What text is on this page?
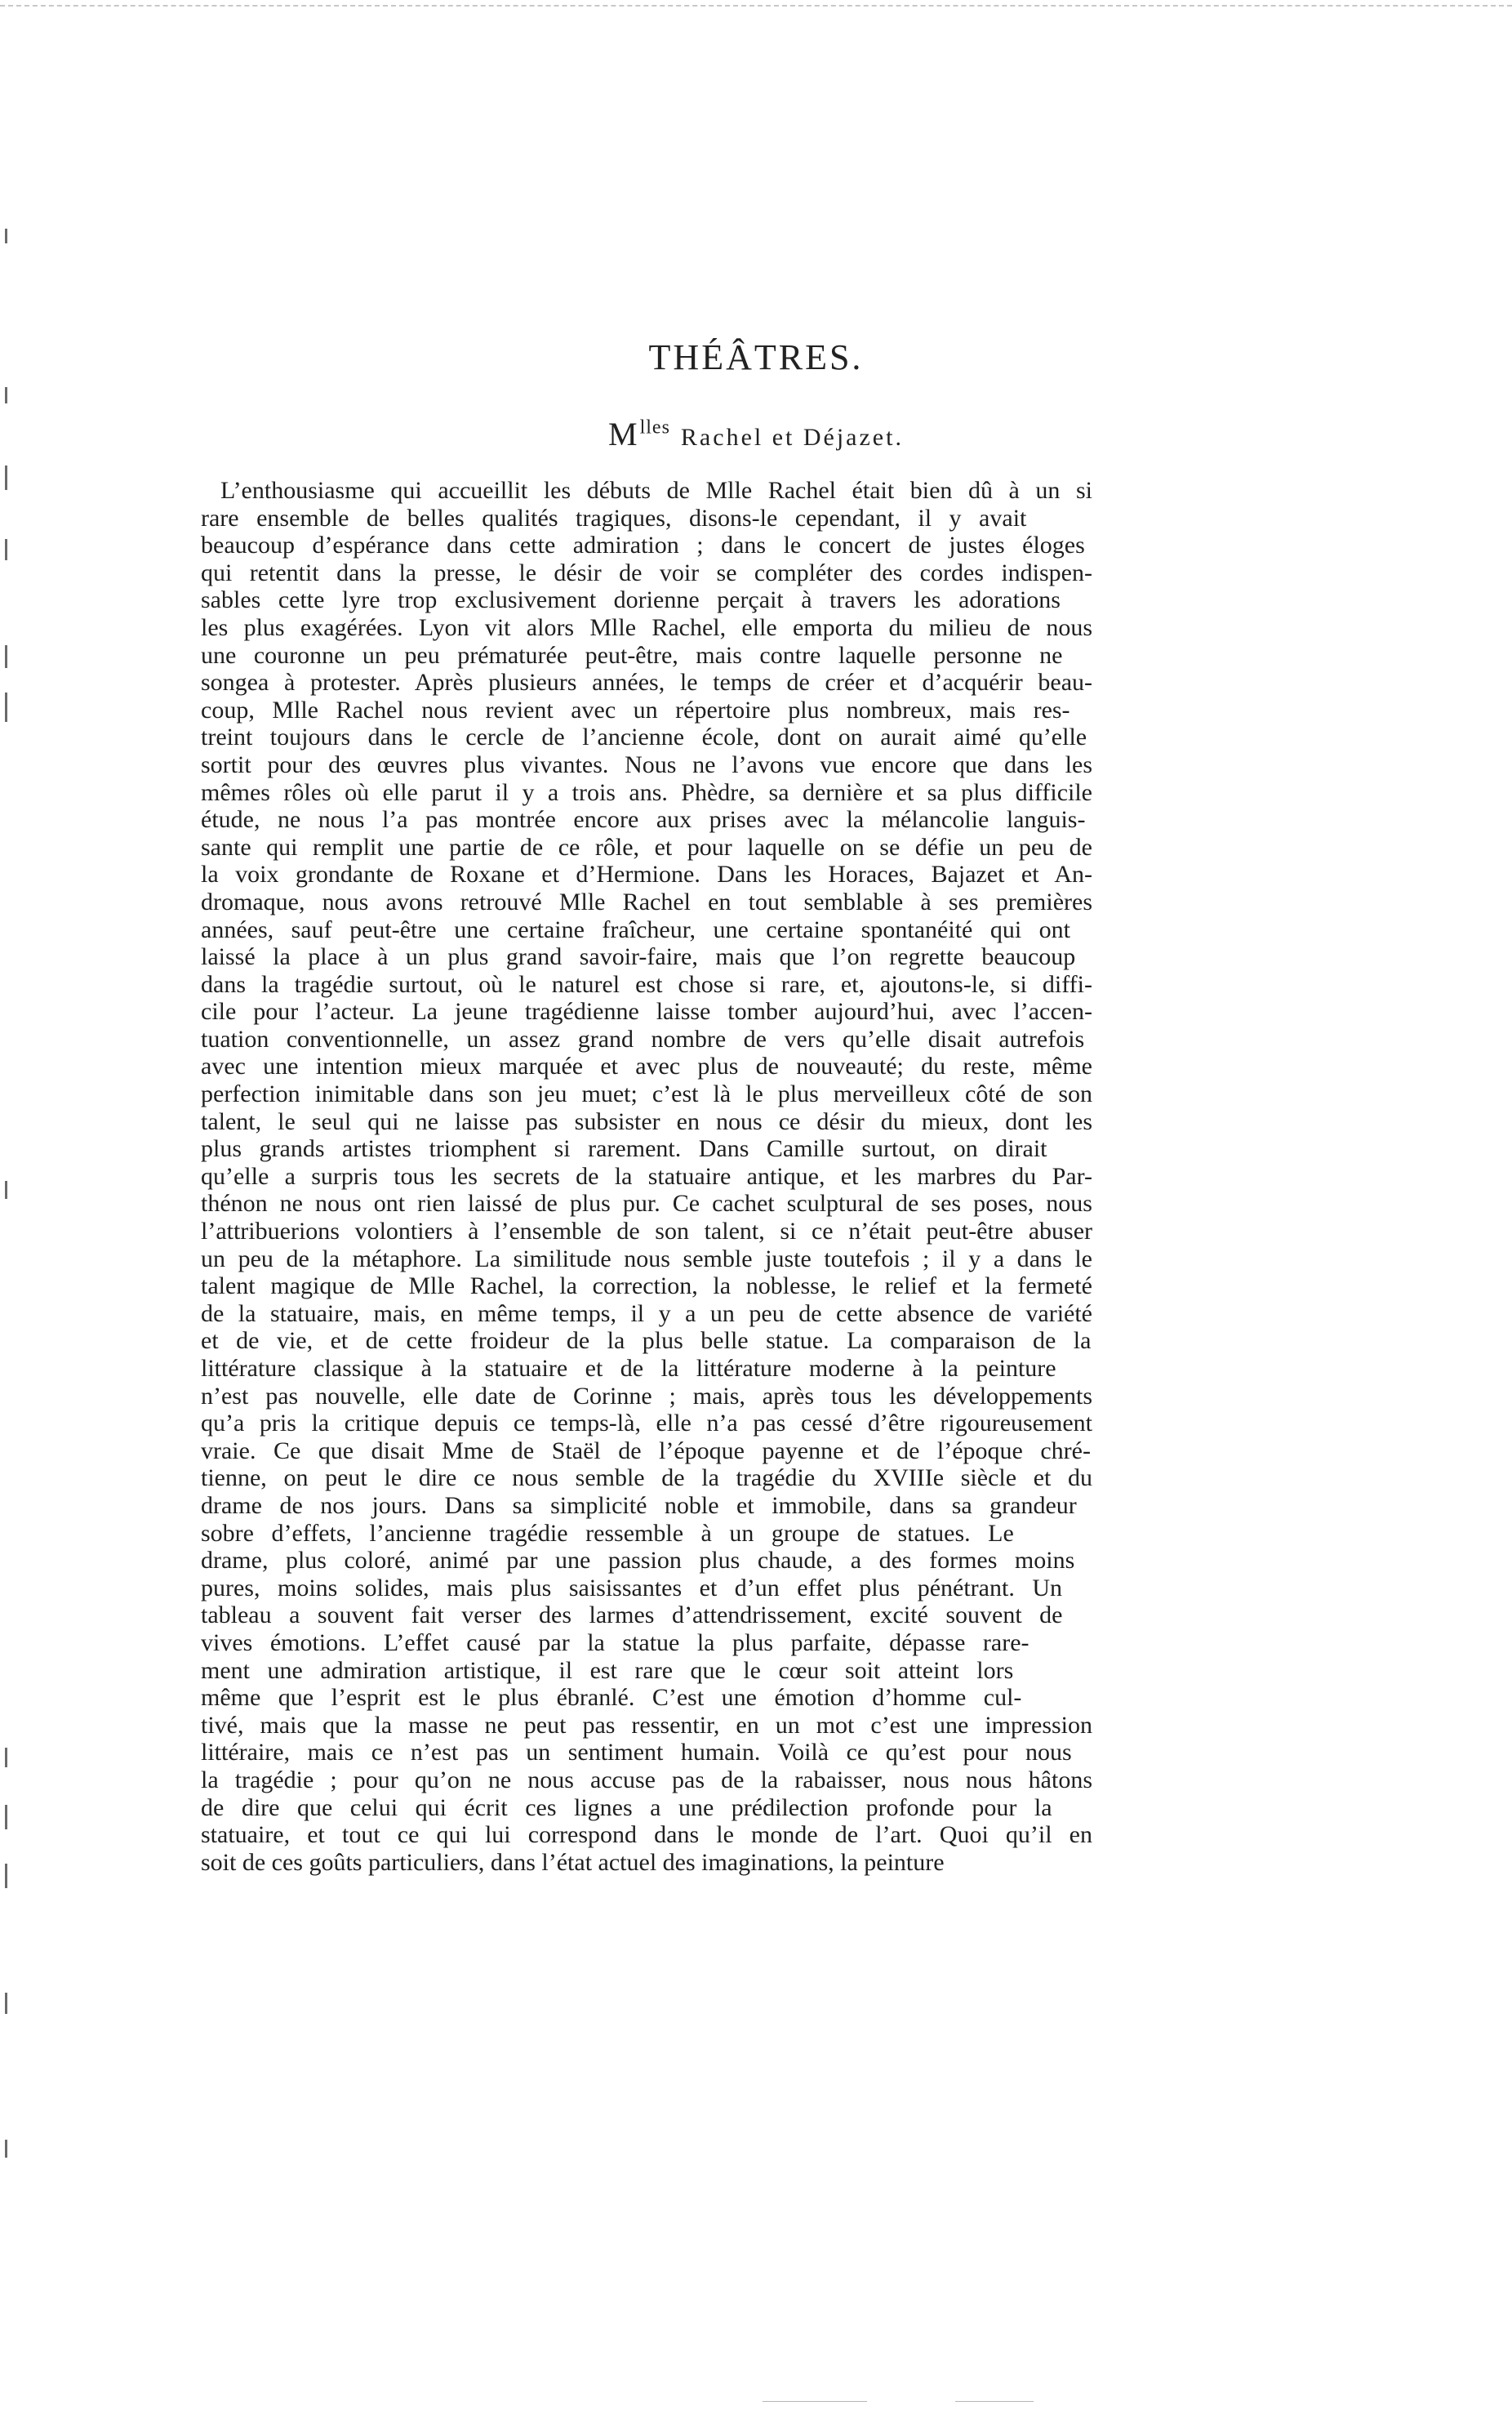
THÉÂTRES.
$M^{lles}$ Rachel et Déjazet.
L’enthousiasme qui accueillit les débuts de Mlle Rachel était bien dû à un si
rare ensemble de belles qualités tragiques, disons-le cependant, il y avait
beaucoup d’espérance dans cette admiration ; dans le concert de justes éloges
qui retentit dans la presse, le désir de voir se compléter des cordes indispen-
sables cette lyre trop exclusivement dorienne perçait à travers les adorations
les plus exagérées. Lyon vit alors Mlle Rachel, elle emporta du milieu de nous
une couronne un peu prématurée peut-être, mais contre laquelle personne ne
songea à protester. Après plusieurs années, le temps de créer et d’acquérir beau-
coup, Mlle Rachel nous revient avec un répertoire plus nombreux, mais res-
treint toujours dans le cercle de l’ancienne école, dont on aurait aimé qu’elle
sortit pour des œuvres plus vivantes. Nous ne l’avons vue encore que dans les
mêmes rôles où elle parut il y a trois ans. Phèdre, sa dernière et sa plus difficile
étude, ne nous l’a pas montrée encore aux prises avec la mélancolie languis-
sante qui remplit une partie de ce rôle, et pour laquelle on se défie un peu de
la voix grondante de Roxane et d’Hermione. Dans les Horaces, Bajazet et An-
dromaque, nous avons retrouvé Mlle Rachel en tout semblable à ses premières
années, sauf peut-être une certaine fraîcheur, une certaine spontanéité qui ont
laissé la place à un plus grand savoir-faire, mais que l’on regrette beaucoup
dans la tragédie surtout, où le naturel est chose si rare, et, ajoutons-le, si diffi-
cile pour l’acteur. La jeune tragédienne laisse tomber aujourd’hui, avec l’accen-
tuation conventionnelle, un assez grand nombre de vers qu’elle disait autrefois
avec une intention mieux marquée et avec plus de nouveauté; du reste, même
perfection inimitable dans son jeu muet; c’est là le plus merveilleux côté de son
talent, le seul qui ne laisse pas subsister en nous ce désir du mieux, dont les
plus grands artistes triomphent si rarement. Dans Camille surtout, on dirait
qu’elle a surpris tous les secrets de la statuaire antique, et les marbres du Par-
thénon ne nous ont rien laissé de plus pur. Ce cachet sculptural de ses poses, nous
l’attribuerions volontiers à l’ensemble de son talent, si ce n’était peut-être abuser
un peu de la métaphore. La similitude nous semble juste toutefois ; il y a dans le
talent magique de Mlle Rachel, la correction, la noblesse, le relief et la fermeté
de la statuaire, mais, en même temps, il y a un peu de cette absence de variété
et de vie, et de cette froideur de la plus belle statue. La comparaison de la
littérature classique à la statuaire et de la littérature moderne à la peinture
n’est pas nouvelle, elle date de Corinne ; mais, après tous les développements
qu’a pris la critique depuis ce temps-là, elle n’a pas cessé d’être rigoureusement
vraie. Ce que disait Mme de Staël de l’époque payenne et de l’époque chré-
tienne, on peut le dire ce nous semble de la tragédie du XVIIIe siècle et du
drame de nos jours. Dans sa simplicité noble et immobile, dans sa grandeur
sobre d’effets, l’ancienne tragédie ressemble à un groupe de statues. Le
drame, plus coloré, animé par une passion plus chaude, a des formes moins
pures, moins solides, mais plus saisissantes et d’un effet plus pénétrant. Un
tableau a souvent fait verser des larmes d’attendrissement, excité souvent de
vives émotions. L’effet causé par la statue la plus parfaite, dépasse rare-
ment une admiration artistique, il est rare que le cœur soit atteint lors
même que l’esprit est le plus ébranlé. C’est une émotion d’homme cul-
tivé, mais que la masse ne peut pas ressentir, en un mot c’est une impression
littéraire, mais ce n’est pas un sentiment humain. Voilà ce qu’est pour nous
la tragédie ; pour qu’on ne nous accuse pas de la rabaisser, nous nous hâtons
de dire que celui qui écrit ces lignes a une prédilection profonde pour la
statuaire, et tout ce qui lui correspond dans le monde de l’art. Quoi qu’il en
soit de ces goûts particuliers, dans l’état actuel des imaginations, la peinture
